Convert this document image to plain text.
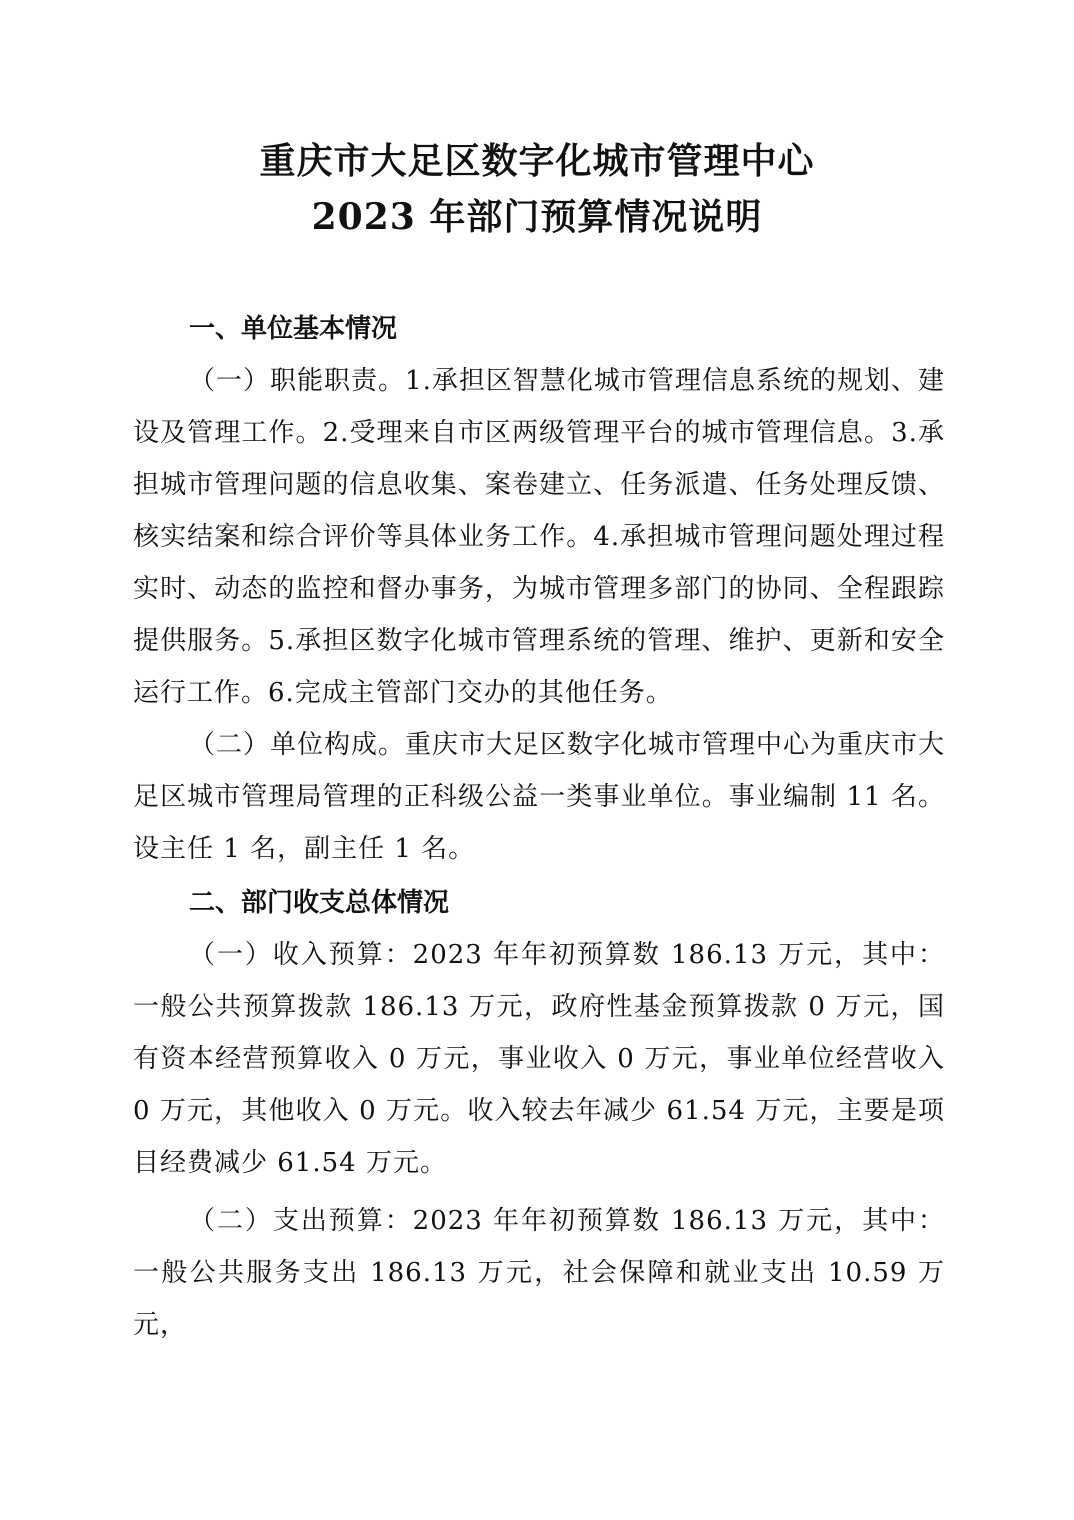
重庆市大足区数字化城市管理中心
2023 年部门预算情况说明

一、单位基本情况

（一）职能职责。1.承担区智慧化城市管理信息系统的规划、建设及管理工作。2.受理来自市区两级管理平台的城市管理信息。3.承担城市管理问题的信息收集、案卷建立、任务派遣、任务处理反馈、核实结案和综合评价等具体业务工作。4.承担城市管理问题处理过程实时、动态的监控和督办事务，为城市管理多部门的协同、全程跟踪提供服务。5.承担区数字化城市管理系统的管理、维护、更新和安全运行工作。6.完成主管部门交办的其他任务。

（二）单位构成。重庆市大足区数字化城市管理中心为重庆市大足区城市管理局管理的正科级公益一类事业单位。事业编制 11 名。设主任 1 名，副主任 1 名。

二、部门收支总体情况

（一）收入预算：2023 年年初预算数 186.13 万元，其中：一般公共预算拨款 186.13 万元，政府性基金预算拨款 0 万元，国有资本经营预算收入 0 万元，事业收入 0 万元，事业单位经营收入 0 万元，其他收入 0 万元。收入较去年减少 61.54 万元，主要是项目经费减少 61.54 万元。

（二）支出预算：2023 年年初预算数 186.13 万元，其中：一般公共服务支出 186.13 万元，社会保障和就业支出 10.59 万元，
